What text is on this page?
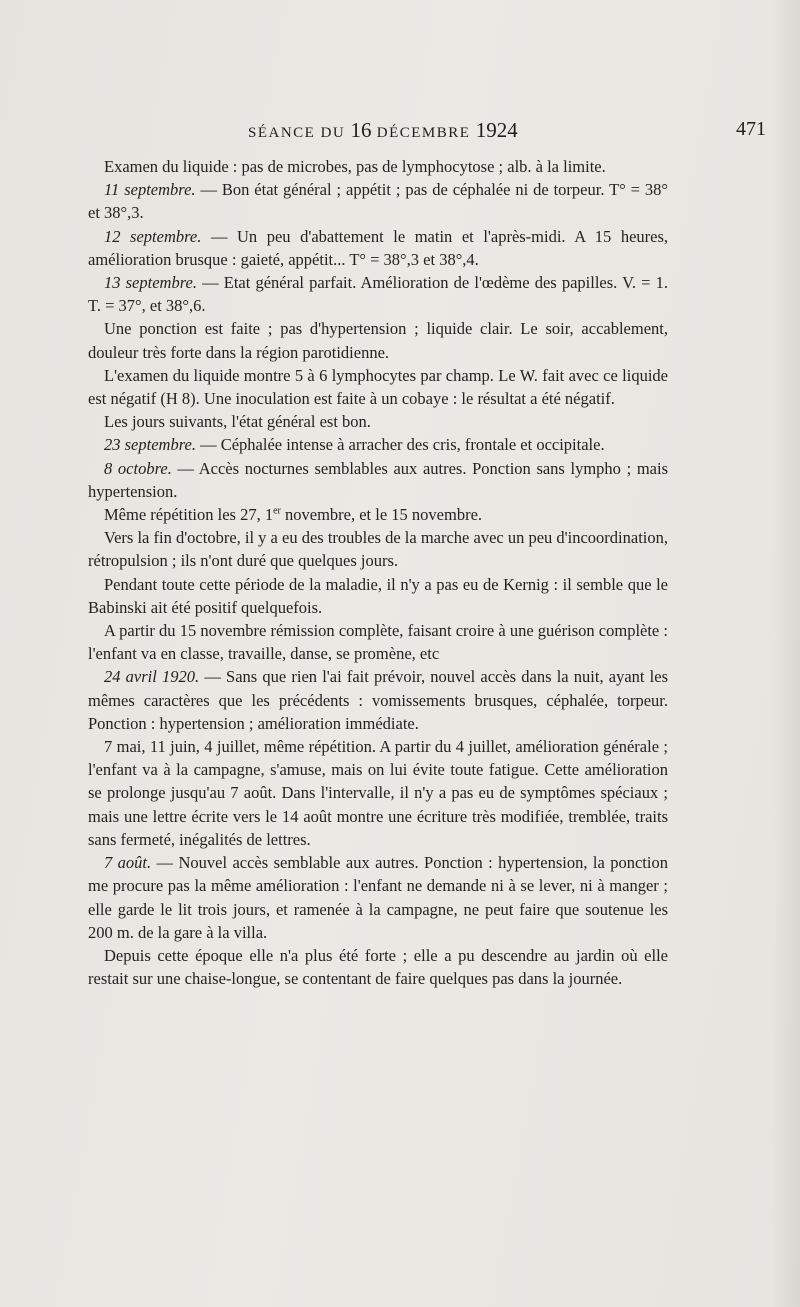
SÉANCE DU 16 DÉCEMBRE 1924	471

Examen du liquide : pas de microbes, pas de lymphocytose ; alb. à la limite.

11 septembre. — Bon état général ; appétit ; pas de céphalée ni de torpeur. T° = 38° et 38°,3.

12 septembre. — Un peu d'abattement le matin et l'après-midi. A 15 heures, amélioration brusque : gaieté, appétit... T° = 38°,3 et 38°,4.

13 septembre. — Etat général parfait. Amélioration de l'œdème des papilles. V. = 1. T. = 37°, et 38°,6.

Une ponction est faite ; pas d'hypertension ; liquide clair. Le soir, accablement, douleur très forte dans la région parotidienne.

L'examen du liquide montre 5 à 6 lymphocytes par champ. Le W. fait avec ce liquide est négatif (H 8). Une inoculation est faite à un cobaye : le résultat a été négatif.

Les jours suivants, l'état général est bon.

23 septembre. — Céphalée intense à arracher des cris, frontale et occipitale.

8 octobre. — Accès nocturnes semblables aux autres. Ponction sans lympho ; mais hypertension.

Même répétition les 27, 1er novembre, et le 15 novembre.

Vers la fin d'octobre, il y a eu des troubles de la marche avec un peu d'incoordination, rétropulsion ; ils n'ont duré que quelques jours.

Pendant toute cette période de la maladie, il n'y a pas eu de Kernig : il semble que le Babinski ait été positif quelquefois.

A partir du 15 novembre rémission complète, faisant croire à une guérison complète : l'enfant va en classe, travaille, danse, se promène, etc

24 avril 1920. — Sans que rien l'ai fait prévoir, nouvel accès dans la nuit, ayant les mêmes caractères que les précédents : vomissements brusques, céphalée, torpeur. Ponction : hypertension ; amélioration immédiate.

7 mai, 11 juin, 4 juillet, même répétition. A partir du 4 juillet, amélioration générale ; l'enfant va à la campagne, s'amuse, mais on lui évite toute fatigue. Cette amélioration se prolonge jusqu'au 7 août. Dans l'intervalle, il n'y a pas eu de symptômes spéciaux ; mais une lettre écrite vers le 14 août montre une écriture très modifiée, tremblée, traits sans fermeté, inégalités de lettres.

7 août. — Nouvel accès semblable aux autres. Ponction : hypertension, la ponction me procure pas la même amélioration : l'enfant ne demande ni à se lever, ni à manger ; elle garde le lit trois jours, et ramenée à la campagne, ne peut faire que soutenue les 200 m. de la gare à la villa.

Depuis cette époque elle n'a plus été forte ; elle a pu descendre au jardin où elle restait sur une chaise-longue, se contentant de faire quelques pas dans la journée.
